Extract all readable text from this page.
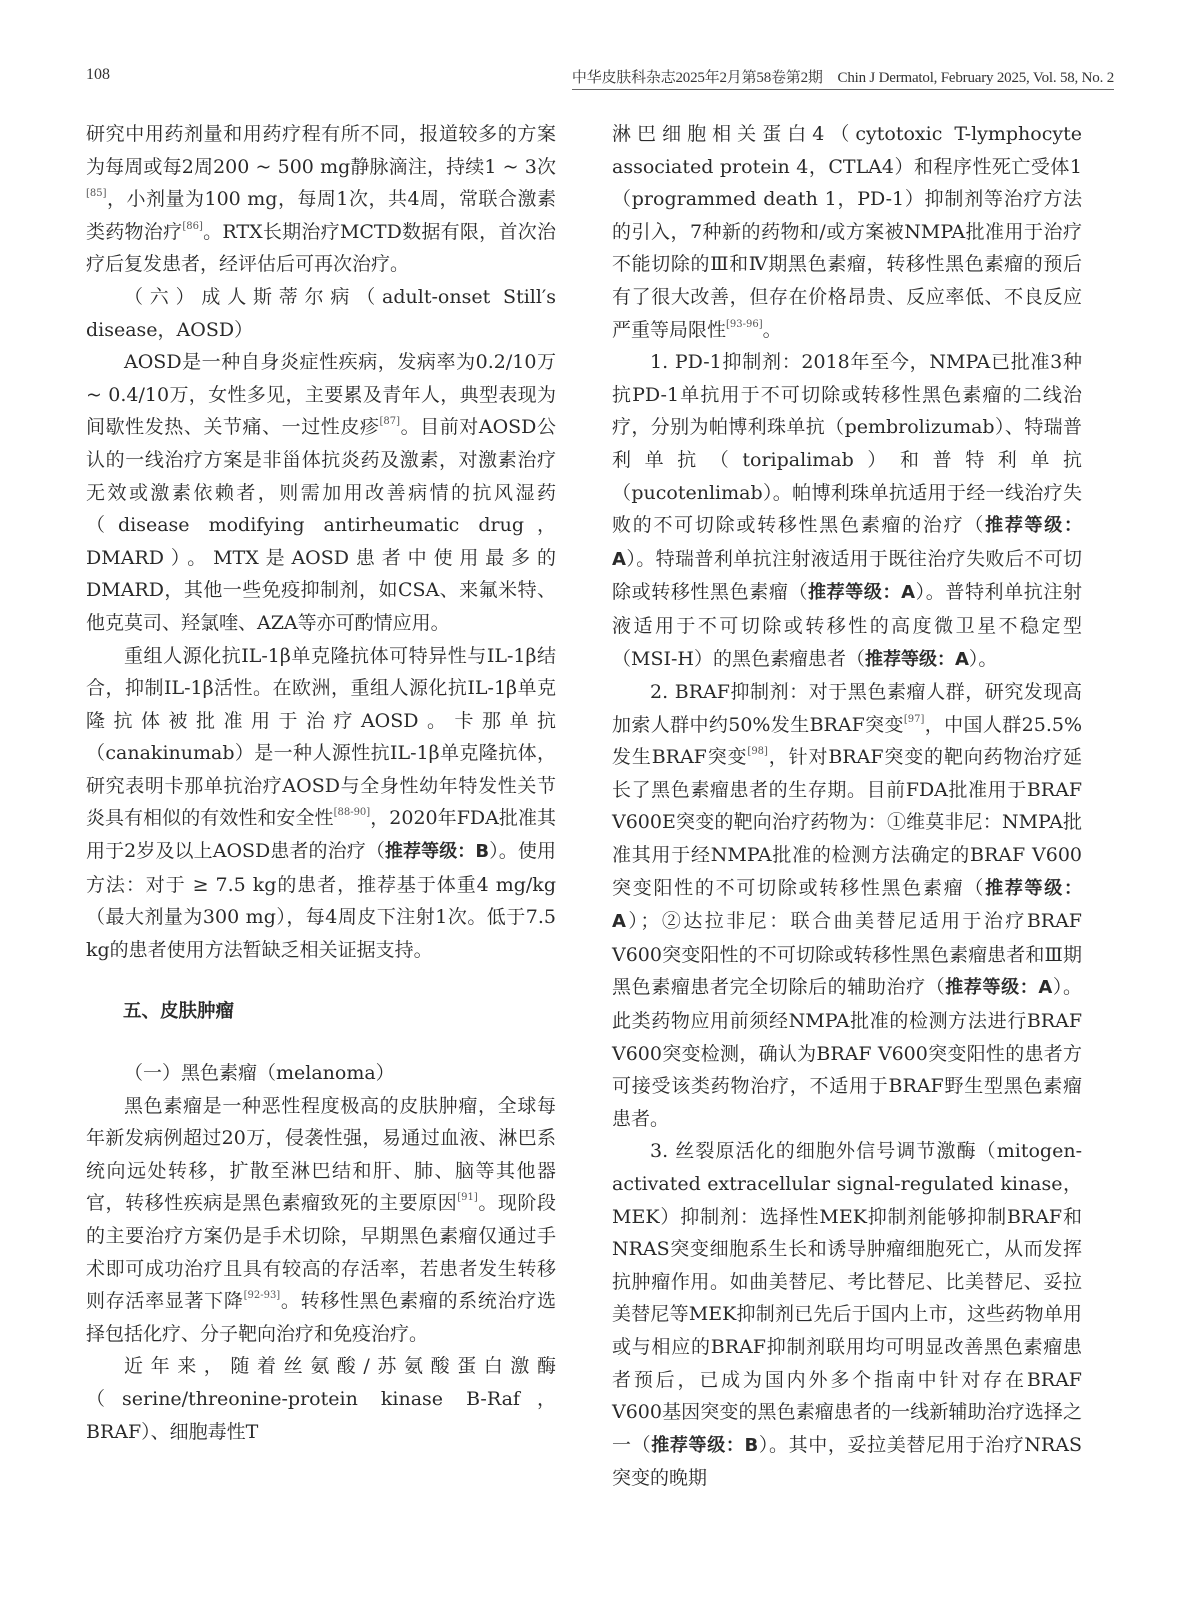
108	中华皮肤科杂志2025年2月第58卷第2期　Chin J Dermatol, February 2025, Vol. 58, No. 2

研究中用药剂量和用药疗程有所不同，报道较多的方案为每周或每2周200 ~ 500 mg静脉滴注，持续1 ~ 3次[85]，小剂量为100 mg，每周1次，共4周，常联合激素类药物治疗[86]。RTX长期治疗MCTD数据有限，首次治疗后复发患者，经评估后可再次治疗。

（六）成人斯蒂尔病（adult-onset Still′s disease，AOSD）

AOSD是一种自身炎症性疾病，发病率为0.2/10万 ~ 0.4/10万，女性多见，主要累及青年人，典型表现为间歇性发热、关节痛、一过性皮疹[87]。目前对AOSD公认的一线治疗方案是非甾体抗炎药及激素，对激素治疗无效或激素依赖者，则需加用改善病情的抗风湿药（disease modifying antirheumatic drug，DMARD）。MTX是AOSD患者中使用最多的DMARD，其他一些免疫抑制剂，如CSA、来氟米特、他克莫司、羟氯喹、AZA等亦可酌情应用。

重组人源化抗IL-1β单克隆抗体可特异性与IL-1β结合，抑制IL-1β活性。在欧洲，重组人源化抗IL-1β单克隆抗体被批准用于治疗AOSD。卡那单抗（canakinumab）是一种人源性抗IL-1β单克隆抗体，研究表明卡那单抗治疗AOSD与全身性幼年特发性关节炎具有相似的有效性和安全性[88-90]，2020年FDA批准其用于2岁及以上AOSD患者的治疗（推荐等级：B）。使用方法：对于 ≥ 7.5 kg的患者，推荐基于体重4 mg/kg（最大剂量为300 mg），每4周皮下注射1次。低于7.5 kg的患者使用方法暂缺乏相关证据支持。

五、皮肤肿瘤

（一）黑色素瘤（melanoma）

黑色素瘤是一种恶性程度极高的皮肤肿瘤，全球每年新发病例超过20万，侵袭性强，易通过血液、淋巴系统向远处转移，扩散至淋巴结和肝、肺、脑等其他器官，转移性疾病是黑色素瘤致死的主要原因[91]。现阶段的主要治疗方案仍是手术切除，早期黑色素瘤仅通过手术即可成功治疗且具有较高的存活率，若患者发生转移则存活率显著下降[92-93]。转移性黑色素瘤的系统治疗选择包括化疗、分子靶向治疗和免疫治疗。

近年来，随着丝氨酸/苏氨酸蛋白激酶（serine/threonine-protein kinase B-Raf，BRAF）、细胞毒性T

淋巴细胞相关蛋白4（cytotoxic T-lymphocyte associated protein 4，CTLA4）和程序性死亡受体1（programmed death 1，PD-1）抑制剂等治疗方法的引入，7种新的药物和/或方案被NMPA批准用于治疗不能切除的Ⅲ和Ⅳ期黑色素瘤，转移性黑色素瘤的预后有了很大改善，但存在价格昂贵、反应率低、不良反应严重等局限性[93-96]。

1. PD-1抑制剂：2018年至今，NMPA已批准3种抗PD-1单抗用于不可切除或转移性黑色素瘤的二线治疗，分别为帕博利珠单抗（pembrolizumab）、特瑞普利单抗（toripalimab）和普特利单抗（pucotenlimab）。帕博利珠单抗适用于经一线治疗失败的不可切除或转移性黑色素瘤的治疗（推荐等级：A）。特瑞普利单抗注射液适用于既往治疗失败后不可切除或转移性黑色素瘤（推荐等级：A）。普特利单抗注射液适用于不可切除或转移性的高度微卫星不稳定型（MSI-H）的黑色素瘤患者（推荐等级：A）。

2. BRAF抑制剂：对于黑色素瘤人群，研究发现高加索人群中约50%发生BRAF突变[97]，中国人群25.5%发生BRAF突变[98]，针对BRAF突变的靶向药物治疗延长了黑色素瘤患者的生存期。目前FDA批准用于BRAF V600E突变的靶向治疗药物为：①维莫非尼：NMPA批准其用于经NMPA批准的检测方法确定的BRAF V600突变阳性的不可切除或转移性黑色素瘤（推荐等级：A）；②达拉非尼：联合曲美替尼适用于治疗BRAF V600突变阳性的不可切除或转移性黑色素瘤患者和Ⅲ期黑色素瘤患者完全切除后的辅助治疗（推荐等级：A）。此类药物应用前须经NMPA批准的检测方法进行BRAF V600突变检测，确认为BRAF V600突变阳性的患者方可接受该类药物治疗，不适用于BRAF野生型黑色素瘤患者。

3. 丝裂原活化的细胞外信号调节激酶（mitogen-activated extracellular signal-regulated kinase，MEK）抑制剂：选择性MEK抑制剂能够抑制BRAF和NRAS突变细胞系生长和诱导肿瘤细胞死亡，从而发挥抗肿瘤作用。如曲美替尼、考比替尼、比美替尼、妥拉美替尼等MEK抑制剂已先后于国内上市，这些药物单用或与相应的BRAF抑制剂联用均可明显改善黑色素瘤患者预后，已成为国内外多个指南中针对存在BRAF V600基因突变的黑色素瘤患者的一线新辅助治疗选择之一（推荐等级：B）。其中，妥拉美替尼用于治疗NRAS突变的晚期
